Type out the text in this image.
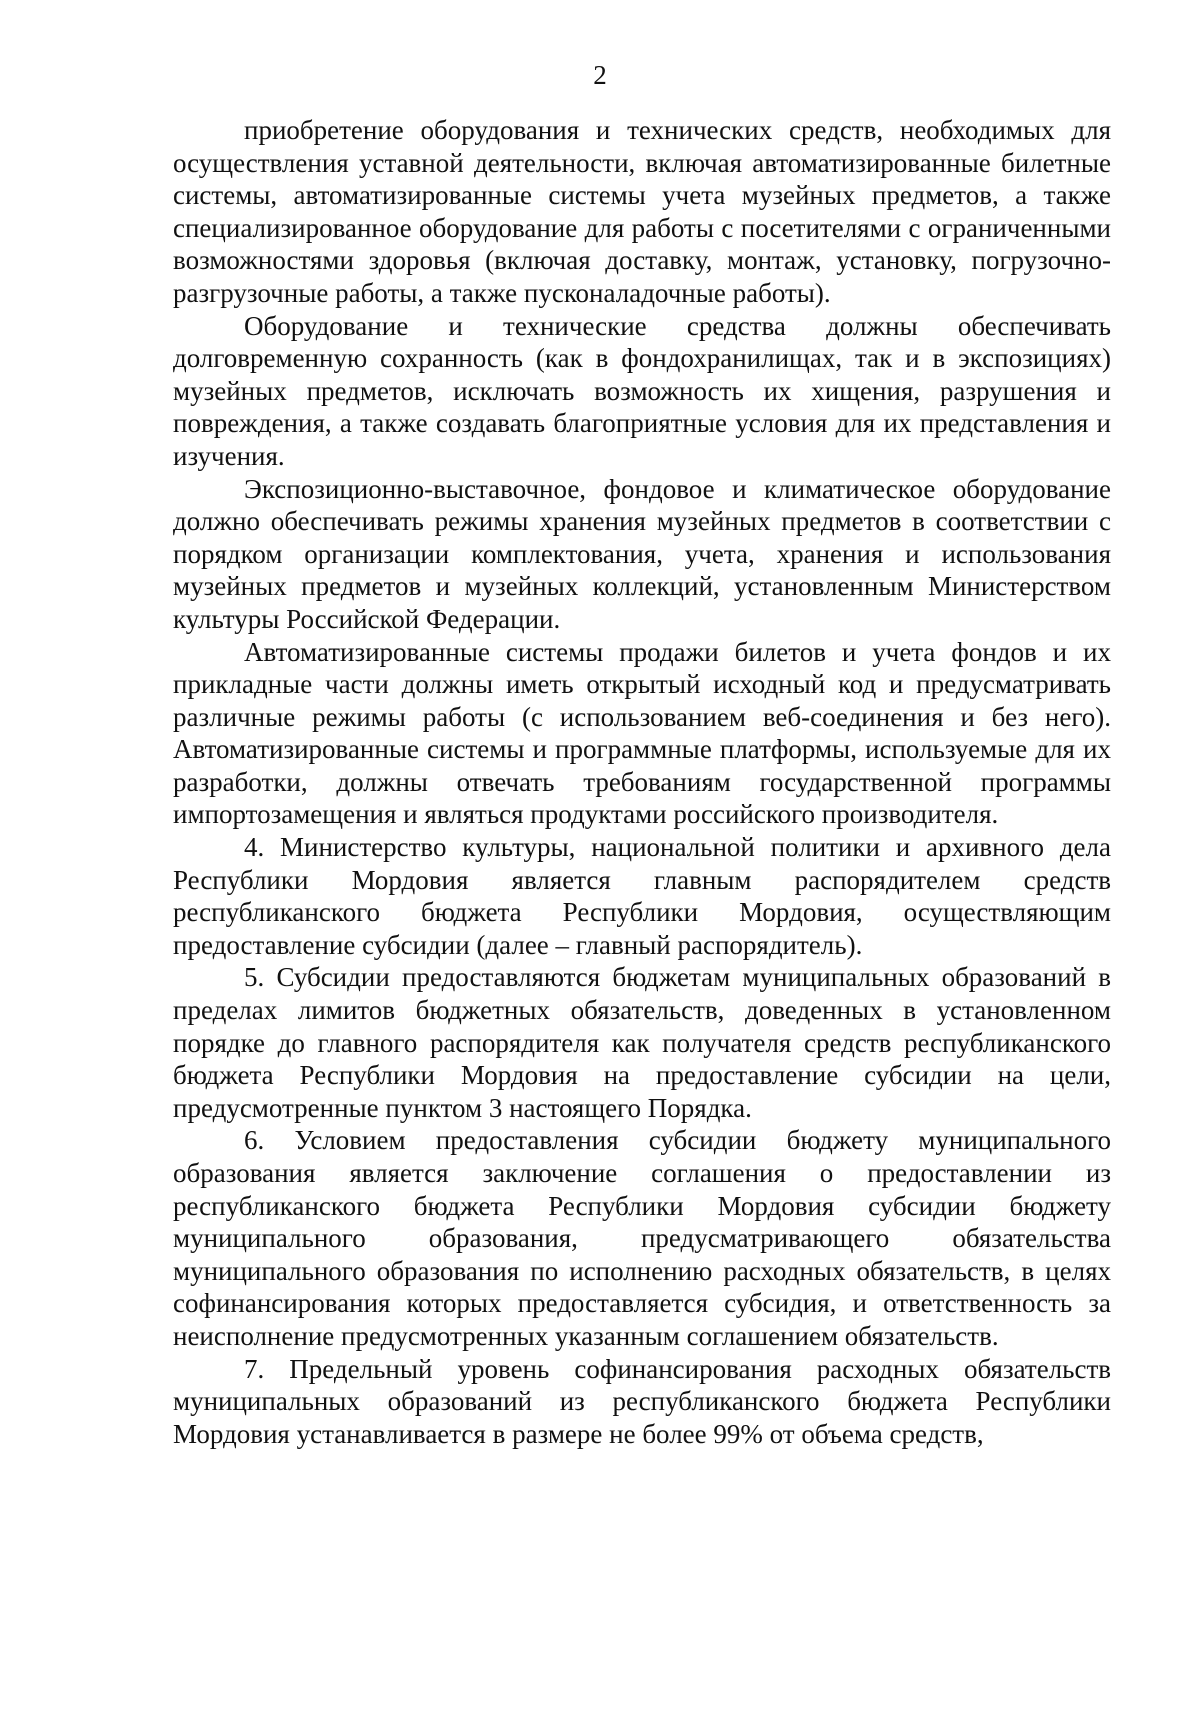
2

приобретение оборудования и технических средств, необходимых для осуществления уставной деятельности, включая автоматизированные билетные системы, автоматизированные системы учета музейных предметов, а также специализированное оборудование для работы с посетителями с ограниченными возможностями здоровья (включая доставку, монтаж, установку, погрузочно-разгрузочные работы, а также пусконаладочные работы).

Оборудование и технические средства должны обеспечивать долговременную сохранность (как в фондохранилищах, так и в экспозициях) музейных предметов, исключать возможность их хищения, разрушения и повреждения, а также создавать благоприятные условия для их представления и изучения.

Экспозиционно-выставочное, фондовое и климатическое оборудование должно обеспечивать режимы хранения музейных предметов в соответствии с порядком организации комплектования, учета, хранения и использования музейных предметов и музейных коллекций, установленным Министерством культуры Российской Федерации.

Автоматизированные системы продажи билетов и учета фондов и их прикладные части должны иметь открытый исходный код и предусматривать различные режимы работы (с использованием веб-соединения и без него). Автоматизированные системы и программные платформы, используемые для их разработки, должны отвечать требованиям государственной программы импортозамещения и являться продуктами российского производителя.

4. Министерство культуры, национальной политики и архивного дела Республики Мордовия является главным распорядителем средств республиканского бюджета Республики Мордовия, осуществляющим предоставление субсидии (далее – главный распорядитель).

5. Субсидии предоставляются бюджетам муниципальных образований в пределах лимитов бюджетных обязательств, доведенных в установленном порядке до главного распорядителя как получателя средств республиканского бюджета Республики Мордовия на предоставление субсидии на цели, предусмотренные пунктом 3 настоящего Порядка.

6. Условием предоставления субсидии бюджету муниципального образования является заключение соглашения о предоставлении из республиканского бюджета Республики Мордовия субсидии бюджету муниципального образования, предусматривающего обязательства муниципального образования по исполнению расходных обязательств, в целях софинансирования которых предоставляется субсидия, и ответственность за неисполнение предусмотренных указанным соглашением обязательств.

7. Предельный уровень софинансирования расходных обязательств муниципальных образований из республиканского бюджета Республики Мордовия устанавливается в размере не более 99% от объема средств,
